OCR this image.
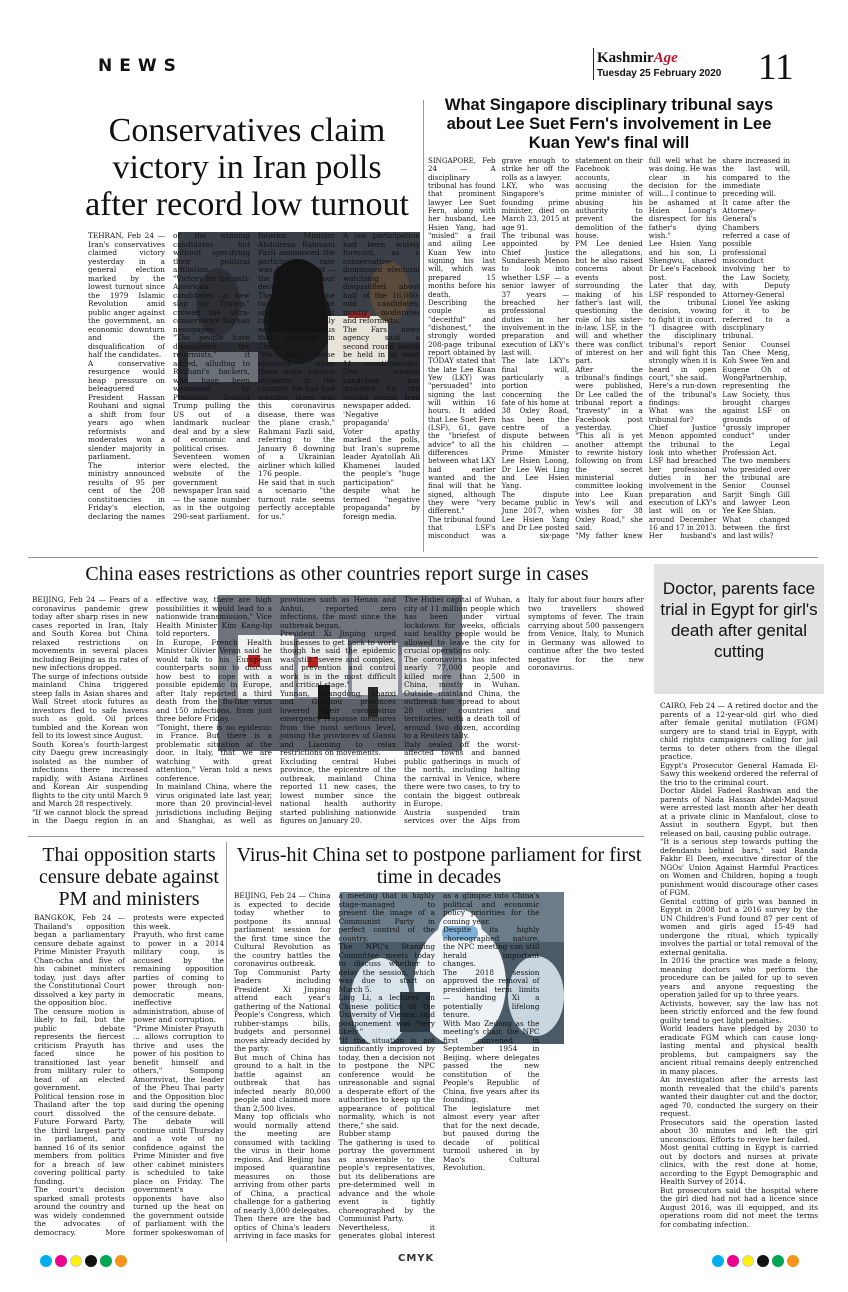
NEWS	KashmirAge
Tuesday 25 February 2020 11
Conservatives claim victory in Iran polls after record low turnout
TEHRAN, Feb 24 — Iran's conservatives claimed victory yesterday in a general election marked by the lowest turnout since the 1979 Islamic Revolution amid public anger against the government, an economic downturn and the disqualification of half the candidates.
A conservative resurgence would heap pressure on beleaguered President Hassan Rouhani and signal a shift from four years ago when reformists and moderates won a slender majority in parliament.
The interior ministry announced results of 95 per cent of the 208 constituencies in Friday's election, declaring the names of the winning candidates but without specifying their political affiliation.
"Victory for the anti-American candidates, a new slap for Trump," crowed the ultra-conservative Kayhan newspaper.
"The people have disqualified the reformists," it added, alluding to Rouhani's backers, who have been weakened by President Donald Trump pulling the US out of a landmark nuclear deal and by a slew of economic and political crises.
Seventeen women were elected, the website of the government newspaper Iran said — the same number as in the outgoing 290-seat parliament.
Interior Minister Abdolreza Rahmani Fazli announced the participation rate was 42.6 per cent — the lowest in four decades.
The election came two days after Iran announced its first cases of the deadly new coronavirus that emerged in China.
"We held these elections when there were various incidents in the country: We had bad weather, there was this coronavirus disease, there was the plane crash," Rahmani Fazli said, referring to the January 8 downing of a Ukrainian airliner which killed 176 people.
He said that in such a scenario "the turnout rate seems perfectly acceptable for us."
A low participation had been widely forecast, as a conservative-dominated electoral watchdog disqualified about half of the 16,000-odd candidates, mostly moderates and reformists.
The Fars news agency said a second round would be held in at least 11 constituencies. One woman candidate has qualified for the second round, Iran newspaper added.
'Negative propaganda'
Voter apathy marked the polls, but Iran's supreme leader Ayatollah Ali Khamenei lauded the people's "huge participation" despite what he termed "negative propaganda" by foreign media.
What Singapore disciplinary tribunal says about Lee Suet Fern's involvement in Lee Kuan Yew's final will
SINGAPORE, Feb 24 — A disciplinary tribunal has found that prominent lawyer Lee Suet Fern, along with her husband, Lee Hsien Yang, had "misled" a frail and ailing Lee Kuan Yew into signing his last will, which was prepared 15 months before his death.
Describing the couple as "deceitful" and "dishonest," the strongly worded 208-page tribunal report obtained by TODAY stated that the late Lee Kuan Yew (LKY) was "persuaded" into signing the last will within 16 hours. It added that Lee Suet Fern (LSF), 61, gave the "briefest of advice" to all the differences between what LKY had earlier wanted and the final will that he signed, although they were "very different."
The tribunal found that LSF's misconduct was grave enough to strike her off the rolls as a lawyer.
LKY, who was Singapore's founding prime minister, died on March 23, 2015 at age 91.
The tribunal was appointed by Chief Justice Sundaresh Menon to look into whether LSF — a senior lawyer of 37 years — breached her professional duties in her involvement in the preparation and execution of LKY's last will.
The late LKY's final will, particularly a portion concerning the fate of his home at 38 Oxley Road, has been the centre of a dispute between his children — Prime Minister Lee Hsien Loong, Dr Lee Wei Ling and Lee Hsien Yang.
The dispute became public in June 2017, when Lee Hsien Yang and Dr Lee posted a six-page statement on their Facebook accounts, accusing the prime minister of abusing his authority to prevent the demolition of the house.
PM Lee denied the allegations, but he also raised concerns about events surrounding the making of his father's last will, questioning the role of his sister-in-law, LSF, in the will and whether there was conflict of interest on her part.
After the tribunal's findings were published, Dr Lee called the tribunal report a "travesty" in a Facebook post yesterday.
"This all is yet another attempt to rewrite history following on from the secret ministerial committee looking into Lee Kuan Yew's will and wishes for 38 Oxley Road," she said.
"My father knew full well what he was doing. He was clear in his decision for the will... I continue to be ashamed at Hsien Loong's disrespect for his father's dying wish."
Lee Hsien Yang and his son, Li Shengwu, shared Dr Lee's Facebook post.
Later that day, LSF responded to the tribunal decision, vowing to fight it in court. "I disagree with the disciplinary tribunal's report and will fight this strongly when it is heard in open court," she said.
Here's a run-down of the tribunal's findings:
What was the tribunal for?
Chief Justice Menon appointed the tribunal to look into whether LSF had breached her professional duties in her involvement in the preparation and execution of LKY's last will on or around December 16 and 17 in 2013.
Her husband's share increased in the last will, compared to the immediate preceding will.
It came after the Attorney-General's Chambers referred a case of possible professional misconduct involving her to the Law Society, with Deputy Attorney-General Lionel Yee asking for it to be referred to a disciplinary tribunal.
Senior Counsel Tan Chee Meng, Koh Swee Yen and Eugene Oh of WongPartnership, representing the Law Society, thus brought charges against LSF on grounds of "grossly improper conduct" under the Legal Profession Act.
The two members who presided over the tribunal are Senior Counsel Sarjit Singh Gill and lawyer Leon Yee Kee Shian.
What changed between the first and last wills?

China eases restrictions as other countries report surge in cases
BEIJING, Feb 24 — Fears of a coronavirus pandemic grew today after sharp rises in new cases reported in Iran, Italy and South Korea but China relaxed restrictions on movements in several places including Beijing as its rates of new infections dropped.
The surge of infections outside mainland China triggered steep falls in Asian shares and Wall Street stock futures as investors fled to safe havens such as gold. Oil prices tumbled and the Korean won fell to its lowest since August.
South Korea's fourth-largest city Daegu grew increasingly isolated as the number of infections there increased rapidly, with Asiana Airlines and Korean Air suspending flights to the city until March 9 and March 28 respectively.
"If we cannot block the spread in the Daegu region in an effective way, there are high possibilities it would lead to a nationwide transmission," Vice Health Minister Kim Kang-lip told reporters.
In Europe, French Health Minister Olivier Veran said he would talk to his European counterparts soon to discuss how best to cope with a possible epidemic in Europe, after Italy reported a third death from the flu-like virus and 150 infections, from just three before Friday.
"Tonight, there is no epidemic in France. But there is a problematic situation at the door, in Italy, that we are watching with great attention," Veran told a news conference.
In mainland China, where the virus originated late last year, more than 20 provincial-level jurisdictions including Beijing and Shanghai, as well as provinces such as Henan and Anhui, reported zero infections, the most since the outbreak began.
President Xi Jinping urged businesses to get back to work though he said the epidemic was still "severe and complex, and prevention and control work is in the most difficult and critical stage."
Yunnan, Guangdong, Shanxi and Guizhou provinces lowered their coronavirus emergency response measures from the most serious level, joining the provinces of Gansu and Liaoning to relax restrictions on movements.
Excluding central Hubei province, the epicentre of the outbreak, mainland China reported 11 new cases, the lowest number since the national health authority started publishing nationwide figures on January 20.
The Hubei capital of Wuhan, a city of 11 million people which has been under virtual lockdown for weeks, officials said healthy people would be allowed to leave the city for crucial operations only.
The coronavirus has infected nearly 77,000 people and killed more than 2,500 in China, mostly in Wuhan. Outside mainland China, the outbreak has spread to about 28 other countries and territories, with a death toll of around two dozen, according to a Reuters tally.
Italy sealed off the worst-affected towns and banned public gatherings in much of the north, including halting the carnival in Venice, where there were two cases, to try to contain the biggest outbreak in Europe.
Austria suspended train services over the Alps from Italy for about four hours after two travellers showed symptoms of fever. The train carrying about 500 passengers from Venice, Italy, to Munich in Germany was allowed to continue after the two tested negative for the new coronavirus.
Doctor, parents face trial in Egypt for girl's death after genital cutting
CAIRO, Feb 24 — A retired doctor and the parents of a 12-year-old girl who died after female genital mutilation (FGM) surgery are to stand trial in Egypt, with child rights campaigners calling for jail terms to deter others from the illegal practice.
Egypt's Prosecutor General Hamada El-Sawy this weekend ordered the referral of the trio to the criminal court.
Doctor Abdel Fadeel Rashwan and the parents of Nada Hassan Abdel-Maqsoud were arrested last month after her death at a private clinic in Manfalout, close to Assiut in southern Egypt, but then released on bail, causing public outrage.
"It is a serious step towards putting the defendants behind bars," said Randa Fakhr El Deen, executive director of the NGOs' Union Against Harmful Practices on Women and Children, hoping a tough punishment would discourage other cases of FGM.
Genital cutting of girls was banned in Egypt in 2008 but a 2016 survey by the UN Children's Fund found 87 per cent of women and girls aged 15-49 had undergone the ritual, which typically involves the partial or total removal of the external genitalia.
In 2016 the practice was made a felony, meaning doctors who perform the procedure can be jailed for up to seven years and anyone requesting the operation jailed for up to three years.
Activists, however, say the law has not been strictly enforced and the few found guilty tend to get light penalties.
World leaders have pledged by 2030 to eradicate FGM which can cause long-lasting mental and physical health problems, but campaigners say the ancient ritual remains deeply entrenched in many places.
An investigation after the arrests last month revealed that the child's parents wanted their daughter cut and the doctor, aged 70, conducted the surgery on their request.
Prosecutors said the operation lasted about 30 minutes and left the girl unconscious. Efforts to revive her failed.
Most genital cutting in Egypt is carried out by doctors and nurses at private clinics, with the rest done at home, according to the Egypt Demographic and Health Survey of 2014.
But prosecutors said the hospital where the girl died had not had a licence since August 2016, was ill equipped, and its operations room did not meet the terms for combating infection.
Thai opposition starts censure debate against PM and ministers
BANGKOK, Feb 24 — Thailand's opposition began a parliamentary censure debate against Prime Minister Prayuth Chan-ocha and five of his cabinet ministers today, just days after the Constitutional Court dissolved a key party in the opposition bloc.
The censure motion is likely to fail, but the public debate represents the fiercest criticism Prayuth has faced since he transitioned last year from military ruler to head of an elected government.
Political tension rose in Thailand after the top court dissolved the Future Forward Party, the third largest party in parliament, and banned 16 of its senior members from politics for a breach of law covering political party funding.
The court's decision sparked small protests around the country and was widely condemned the advocates of democracy. More protests were expected this week.
Prayuth, who first came to power in a 2014 military coup, is accused by the remaining opposition parties of coming to power through non-democratic means, ineffective administration, abuse of power and corruption.
"Prime Minister Prayuth ... allows corruption to thrive and uses the power of his position to benefit himself and others," Sompong Amornvivat, the leader of the Pheu Thai party and the Opposition bloc said during the opening of the censure debate.
The debate will continue until Thursday and a vote of no confidence against the Prime Minister and five other cabinet ministers is scheduled to take place on Friday. The government's opponents have also turned up the heat on the government outside of parliament with the former spokeswoman of

Virus-hit China set to postpone parliament for first time in decades
BEIJING, Feb 24 — China is expected to decide today whether to postpone its annual parliament session for the first time since the Cultural Revolution as the country battles the coronavirus outbreak.
Top Communist Party leaders including President Xi Jinping attend each year's gathering of the National People's Congress, which rubber-stamps bills, budgets and personnel moves already decided by the party.
But much of China has ground to a halt in the battle against an outbreak that has infected nearly 80,000 people and claimed more than 2,500 lives.
Many top officials who would normally attend the meeting are consumed with tackling the virus in their home regions. And Beijing has imposed quarantine measures on those arriving from other parts of China, a practical challenge for a gathering of nearly 3,000 delegates.
Then there are the bad optics of China's leaders arriving in face masks for a meeting that is highly stage-managed to present the image of a Communist Party in perfect control of the country.
The NPC's Standing Committee meets today to discuss whether to delay the session, which was due to start on March 5.
Ling Li, a lecturer on Chinese politics at the University of Vienna, said postponement was "very likely."
"If the situation is not significantly improved by today, then a decision not to postpone the NPC conference would be unreasonable and signal a desperate effort of the authorities to keep up the appearance of political normality, which is not there," she said.
Rubber stamp
The gathering is used to portray the government as answerable to the people's representatives, but its deliberations are pre-determined well in advance and the whole event is tightly choreographed by the Communist Party.
Nevertheless, it generates global interest as a glimpse into China's political and economic policy priorities for the coming year.
Despite its highly choreographed nature, the NPC meeting can still herald important changes.
The 2018 session approved the removal of presidential term limits — handing Xi a potentially lifelong tenure.
With Mao Zedong as the meeting's chair, the NPC first convened in September 1954 in Beijing, where delegates passed the new constitution of the People's Republic of China, five years after its founding.
The legislature met almost every year after that for the next decade, but paused during the decade of political turmoil ushered in by Mao's Cultural Revolution.
CMYK
